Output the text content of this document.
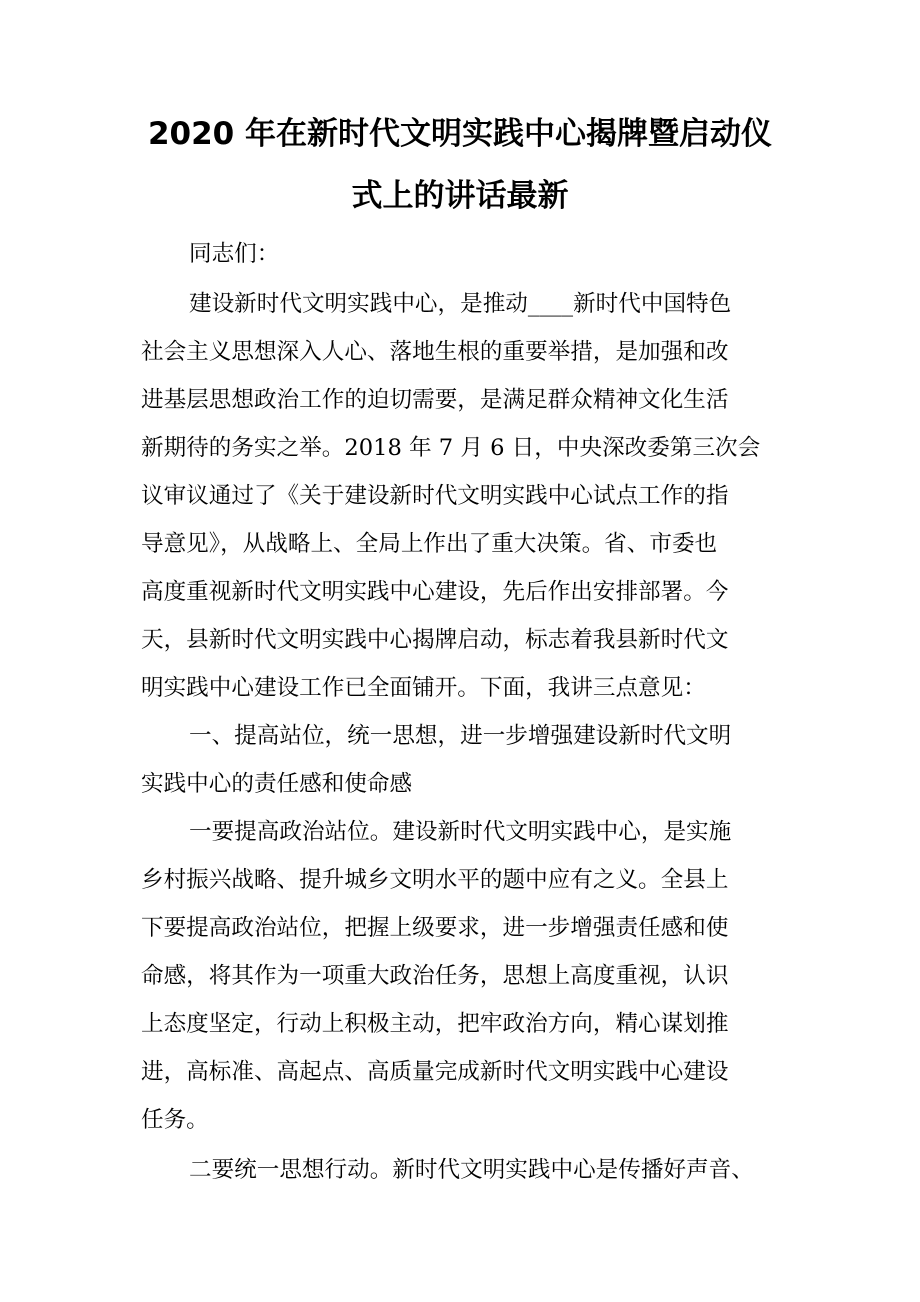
2020 年在新时代文明实践中心揭牌暨启动仪
式上的讲话最新
同志们：
建设新时代文明实践中心，是推动____新时代中国特色
社会主义思想深入人心、落地生根的重要举措，是加强和改
进基层思想政治工作的迫切需要，是满足群众精神文化生活
新期待的务实之举。2018 年 7 月 6 日，中央深改委第三次会
议审议通过了《关于建设新时代文明实践中心试点工作的指
导意见》，从战略上、全局上作出了重大决策。省、市委也
高度重视新时代文明实践中心建设，先后作出安排部署。今
天，县新时代文明实践中心揭牌启动，标志着我县新时代文
明实践中心建设工作已全面铺开。下面，我讲三点意见：
一、提高站位，统一思想，进一步增强建设新时代文明
实践中心的责任感和使命感
一要提高政治站位。建设新时代文明实践中心，是实施
乡村振兴战略、提升城乡文明水平的题中应有之义。全县上
下要提高政治站位，把握上级要求，进一步增强责任感和使
命感，将其作为一项重大政治任务，思想上高度重视，认识
上态度坚定，行动上积极主动，把牢政治方向，精心谋划推
进，高标准、高起点、高质量完成新时代文明实践中心建设
任务。
二要统一思想行动。新时代文明实践中心是传播好声音、
